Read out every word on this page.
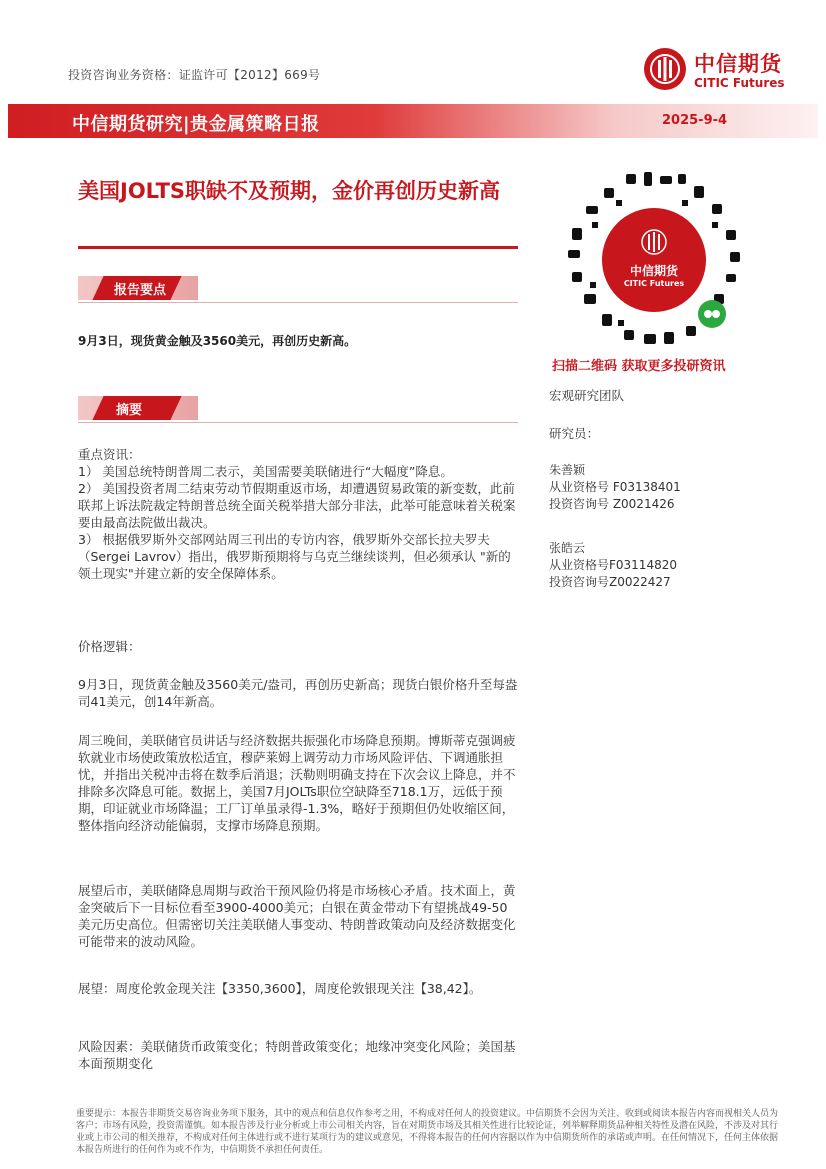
投资咨询业务资格：证监许可【2012】669号	中信期货
CITIC Futures
中信期货研究|贵金属策略日报	2025-9-4
美国JOLTS职缺不及预期，金价再创历史新高
报告要点
9月3日，现货黄金触及3560美元，再创历史新高。
摘要

重点资讯：

1） 美国总统特朗普周二表示，美国需要美联储进行“大幅度”降息。

2） 美国投资者周二结束劳动节假期重返市场，却遭遇贸易政策的新变数，此前联邦上诉法院裁定特朗普总统全面关税举措大部分非法，此举可能意味着关税案要由最高法院做出裁决。

3） 根据俄罗斯外交部网站周三刊出的专访内容，俄罗斯外交部长拉夫罗夫（Sergei Lavrov）指出，俄罗斯预期将与乌克兰继续谈判，但必须承认 "新的领土现实"并建立新的安全保障体系。

价格逻辑：
9月3日，现货黄金触及3560美元/盎司，再创历史新高；现货白银价格升至每盎司41美元，创14年新高。
周三晚间，美联储官员讲话与经济数据共振强化市场降息预期。博斯蒂克强调疲软就业市场使政策放松适宜，穆萨莱姆上调劳动力市场风险评估、下调通胀担忧，并指出关税冲击将在数季后消退；沃勒则明确支持在下次会议上降息，并不排除多次降息可能。数据上，美国7月JOLTs职位空缺降至718.1万，远低于预期，印证就业市场降温；工厂订单虽录得-1.3%，略好于预期但仍处收缩区间，整体指向经济动能偏弱，支撑市场降息预期。
展望后市，美联储降息周期与政治干预风险仍将是市场核心矛盾。技术面上，黄金突破后下一目标位看至3900-4000美元；白银在黄金带动下有望挑战49-50美元历史高位。但需密切关注美联储人事变动、特朗普政策动向及经济数据变化可能带来的波动风险。
展望：周度伦敦金现关注【3350,3600】，周度伦敦银现关注【38,42】。
风险因素：美联储货币政策变化；特朗普政策变化；地缘冲突变化风险；美国基本面预期变化
中信期货
CITIC Futures
扫描二维码 获取更多投研资讯
宏观研究团队
研究员：
朱善颖
从业资格号 F03138401
投资咨询号 Z0021426
张皓云
从业资格号F03114820
投资咨询号Z0022427
重要提示：本报告非期货交易咨询业务项下服务，其中的观点和信息仅作参考之用，不构成对任何人的投资建议。中信期货不会因为关注、收到或阅读本报告内容而视相关人员为客户；市场有风险，投资需谨慎。如本报告涉及行业分析或上市公司相关内容，旨在对期货市场及其相关性进行比较论证，列举解释期货品种相关特性及潜在风险，不涉及对其行业或上市公司的相关推荐，不构成对任何主体进行或不进行某项行为的建议或意见，不得将本报告的任何内容据以作为中信期货所作的承诺或声明。在任何情况下，任何主体依据本报告所进行的任何作为或不作为，中信期货不承担任何责任。
